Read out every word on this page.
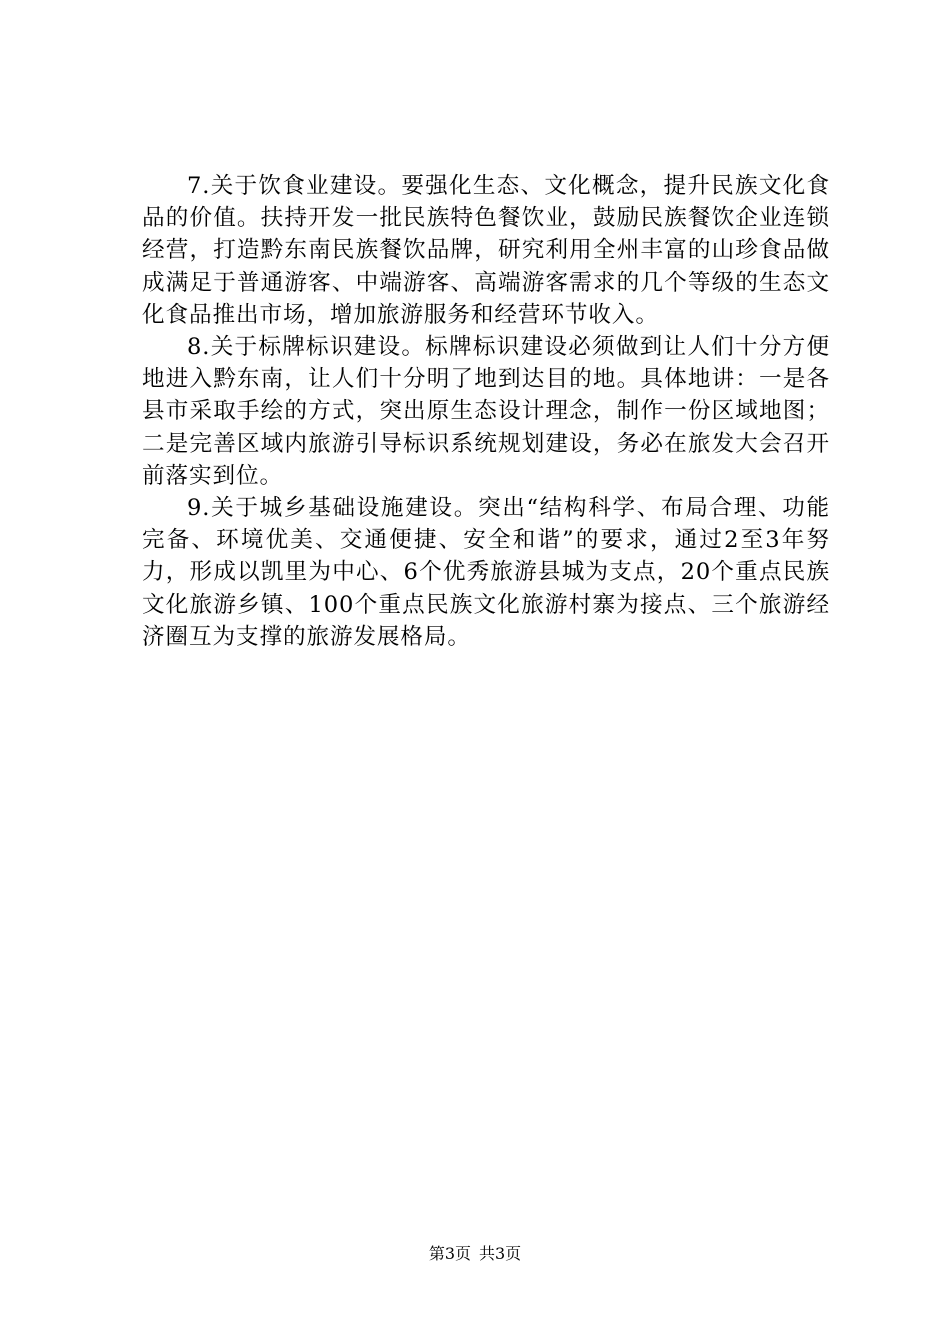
7.关于饮食业建设。要强化生态、文化概念，提升民族文化食品的价值。扶持开发一批民族特色餐饮业，鼓励民族餐饮企业连锁经营，打造黔东南民族餐饮品牌，研究利用全州丰富的山珍食品做成满足于普通游客、中端游客、高端游客需求的几个等级的生态文化食品推出市场，增加旅游服务和经营环节收入。

8.关于标牌标识建设。标牌标识建设必须做到让人们十分方便地进入黔东南，让人们十分明了地到达目的地。具体地讲：一是各县市采取手绘的方式，突出原生态设计理念，制作一份区域地图；二是完善区域内旅游引导标识系统规划建设，务必在旅发大会召开前落实到位。

9.关于城乡基础设施建设。突出“结构科学、布局合理、功能完备、环境优美、交通便捷、安全和谐”的要求，通过2至3年努力，形成以凯里为中心、6个优秀旅游县城为支点，20个重点民族文化旅游乡镇、100个重点民族文化旅游村寨为接点、三个旅游经济圈互为支撑的旅游发展格局。

第3页 共3页
